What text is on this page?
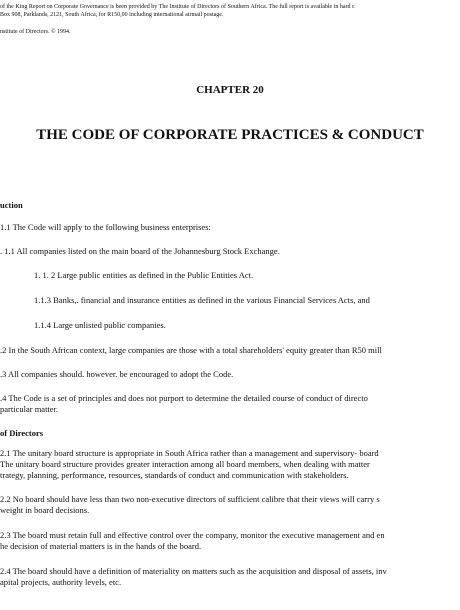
of the King Report on Corporate Governance is been provided by The Institute of Directors of Southern Africa. The full report is available in hard c
Box 908, Parklands, 2121, South Africa, for R150,00 including international airmail postage.
nstitute of Directors. © 1994.
CHAPTER 20
THE CODE OF CORPORATE PRACTICES & CONDUCT
uction
1.1 The Code will apply to the following business enterprises:
. 1.1 All companies listed on the main board of the Johannesburg Stock Exchange.
1. 1. 2 Large public entities as defined in the Public Entities Act.
1.1.3 Banks,. financial and insurance entities as defined in the various Financial Services Acts, and
1.1.4 Large unlisted public companies.
.2 In the South African context, large companies are those with a total shareholders' equity greater than R50 mill
.3 All companies should. however. be encouraged to adopt the Code.
.4 The Code is a set of principles and does not purport to determine the detailed course of conduct of directo
particular matter.
of Directors
2.1 The unitary board structure is appropriate in South Africa rather than a management and supervisory- board
The unitary board structure provides greater interaction among all board members, when dealing with matter
trategy, planning, performance, resources, standards of conduct and communication with stakeholders.
2.2 No board should have less than two non-executive directors of sufficient calibre that their views will carry s
weight in board decisions.
2.3 The board must retain full and effective control over the company, monitor the executive management and en
he decision of material matters is in the hands of the board.
2.4 The board should have a definition of materiality on matters such as the acquisition and disposal of assets, inv
apital projects, authority levels, etc.
